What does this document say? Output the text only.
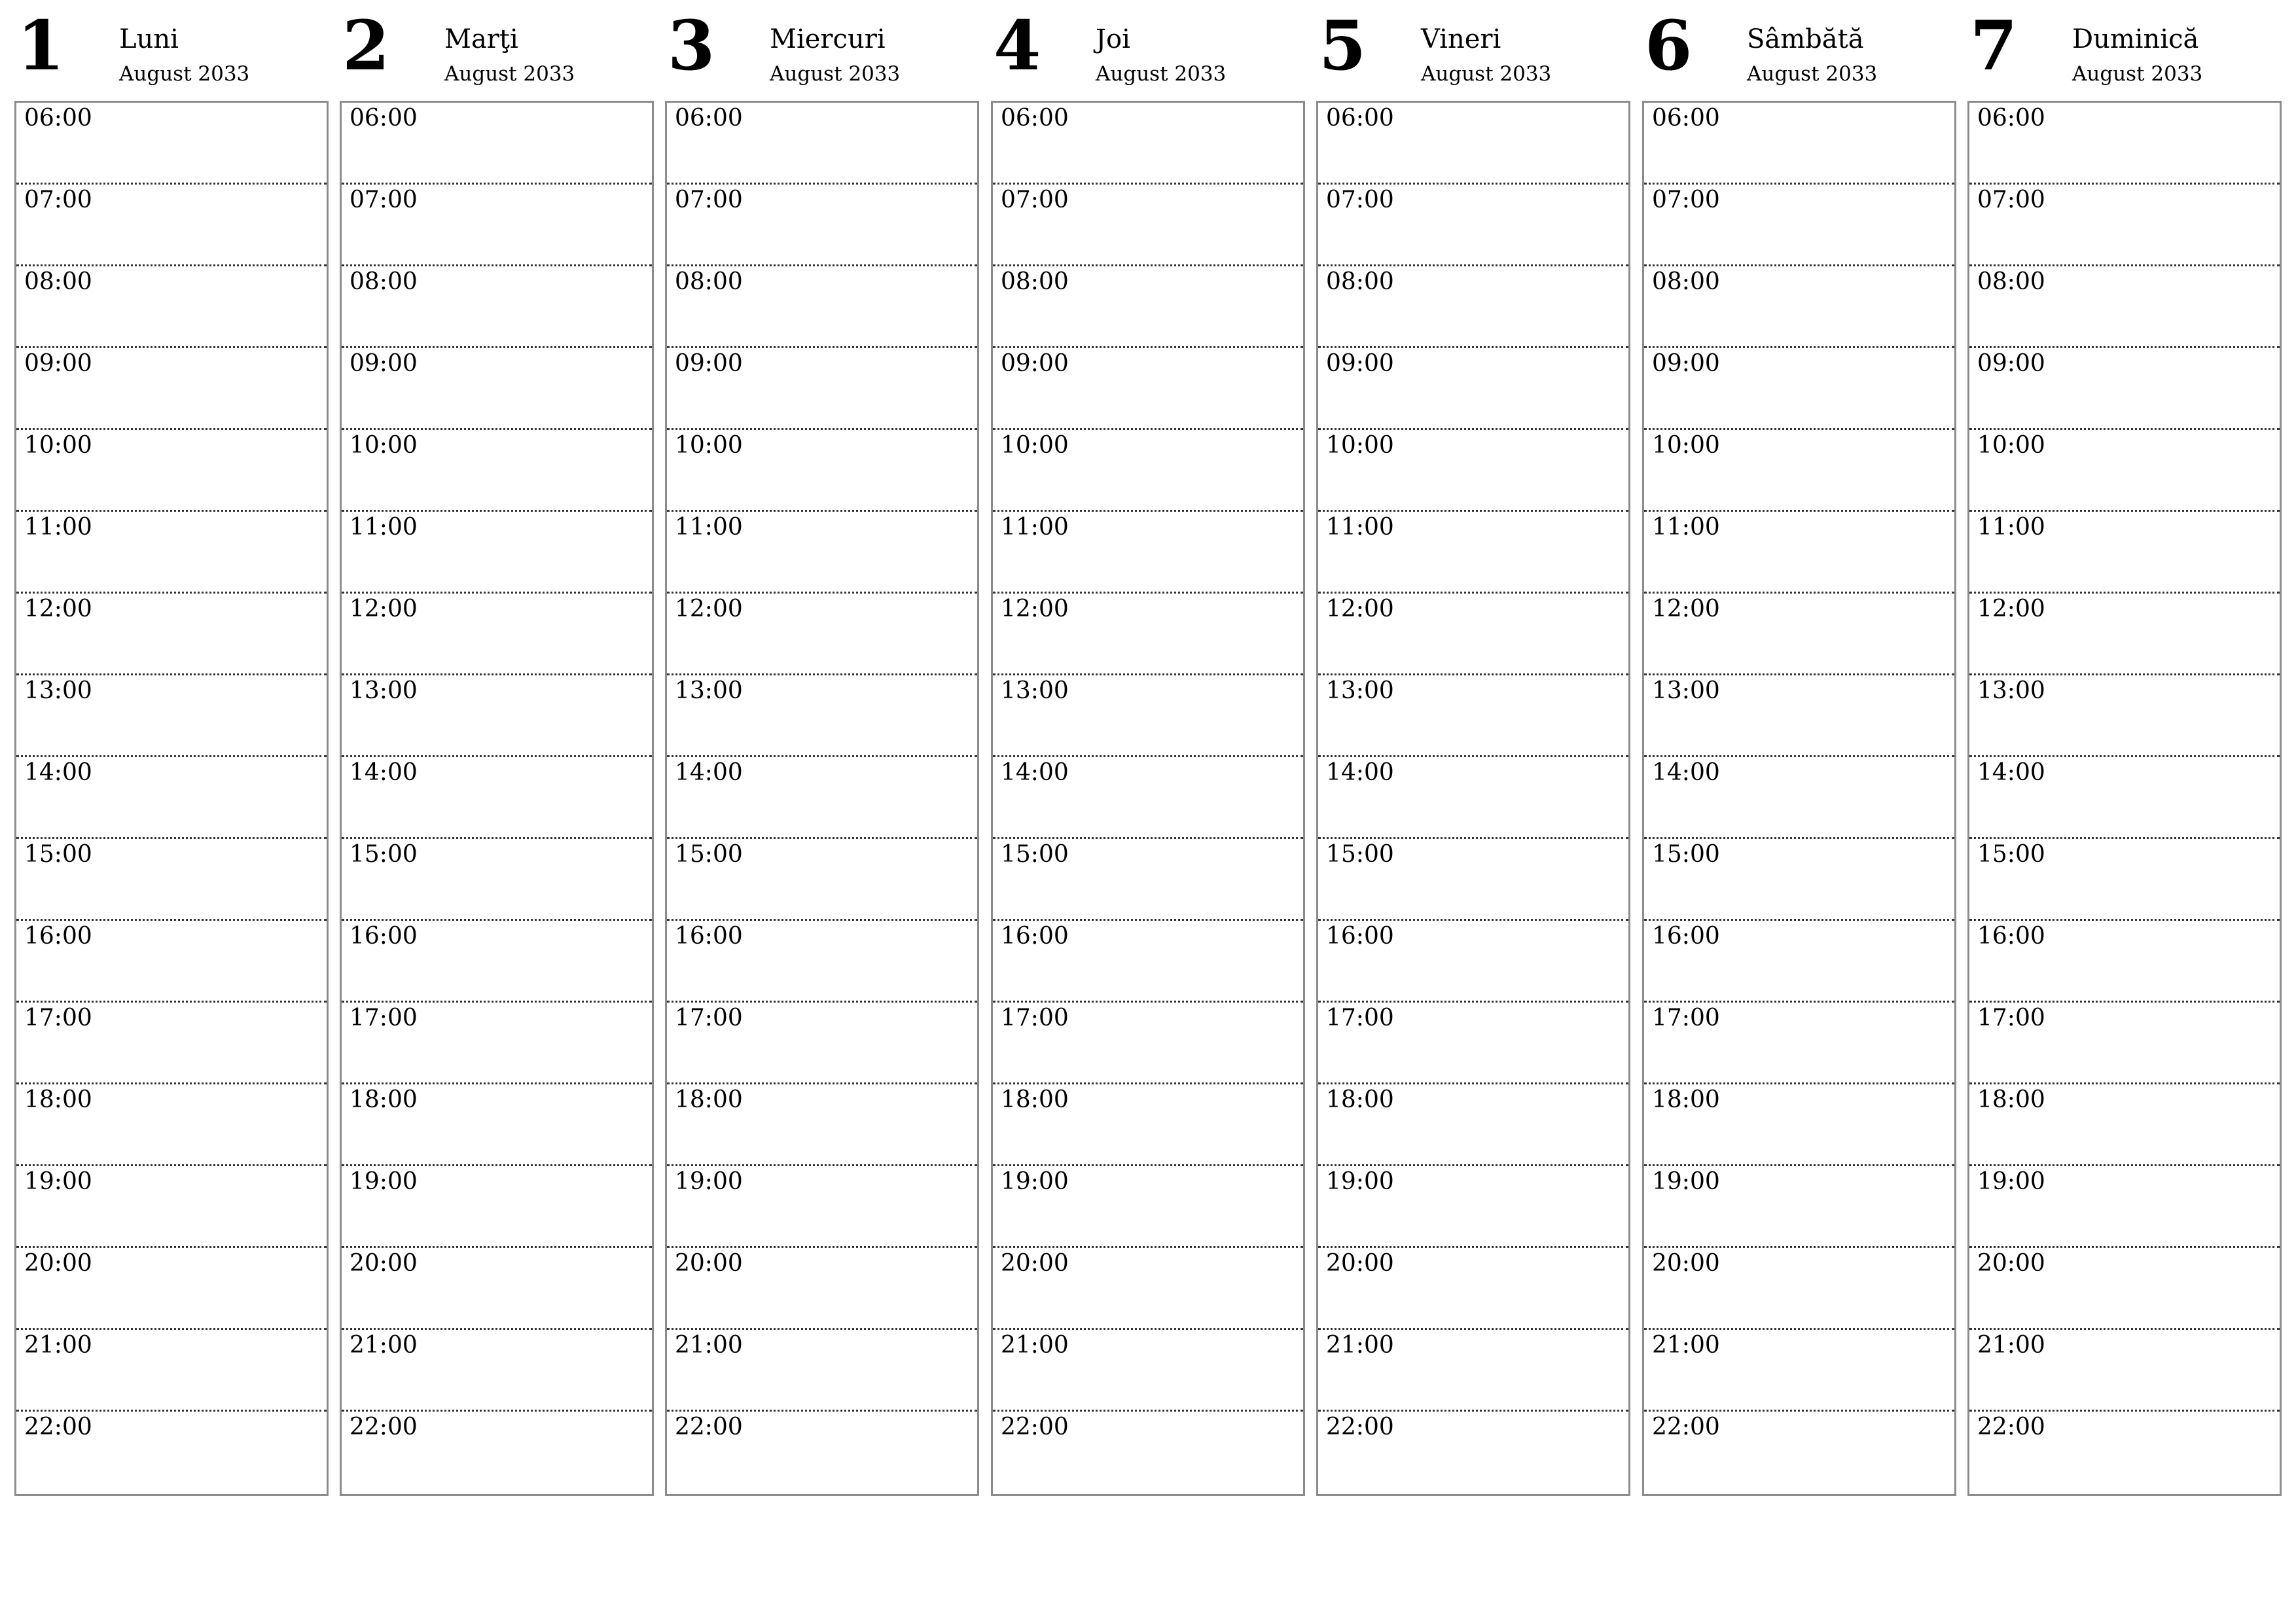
1 Luni
August 2033
06:00
07:00
08:00
09:00
10:00
11:00
12:00
13:00
14:00
15:00
16:00
17:00
18:00
19:00
20:00
21:00
22:00
2 Marţi
August 2033
06:00
07:00
08:00
09:00
10:00
11:00
12:00
13:00
14:00
15:00
16:00
17:00
18:00
19:00
20:00
21:00
22:00
3 Miercuri
August 2033
06:00
07:00
08:00
09:00
10:00
11:00
12:00
13:00
14:00
15:00
16:00
17:00
18:00
19:00
20:00
21:00
22:00
4 Joi
August 2033
06:00
07:00
08:00
09:00
10:00
11:00
12:00
13:00
14:00
15:00
16:00
17:00
18:00
19:00
20:00
21:00
22:00
5 Vineri
August 2033
06:00
07:00
08:00
09:00
10:00
11:00
12:00
13:00
14:00
15:00
16:00
17:00
18:00
19:00
20:00
21:00
22:00
6 Sâmbătă
August 2033
06:00
07:00
08:00
09:00
10:00
11:00
12:00
13:00
14:00
15:00
16:00
17:00
18:00
19:00
20:00
21:00
22:00
7 Duminică
August 2033
06:00
07:00
08:00
09:00
10:00
11:00
12:00
13:00
14:00
15:00
16:00
17:00
18:00
19:00
20:00
21:00
22:00
